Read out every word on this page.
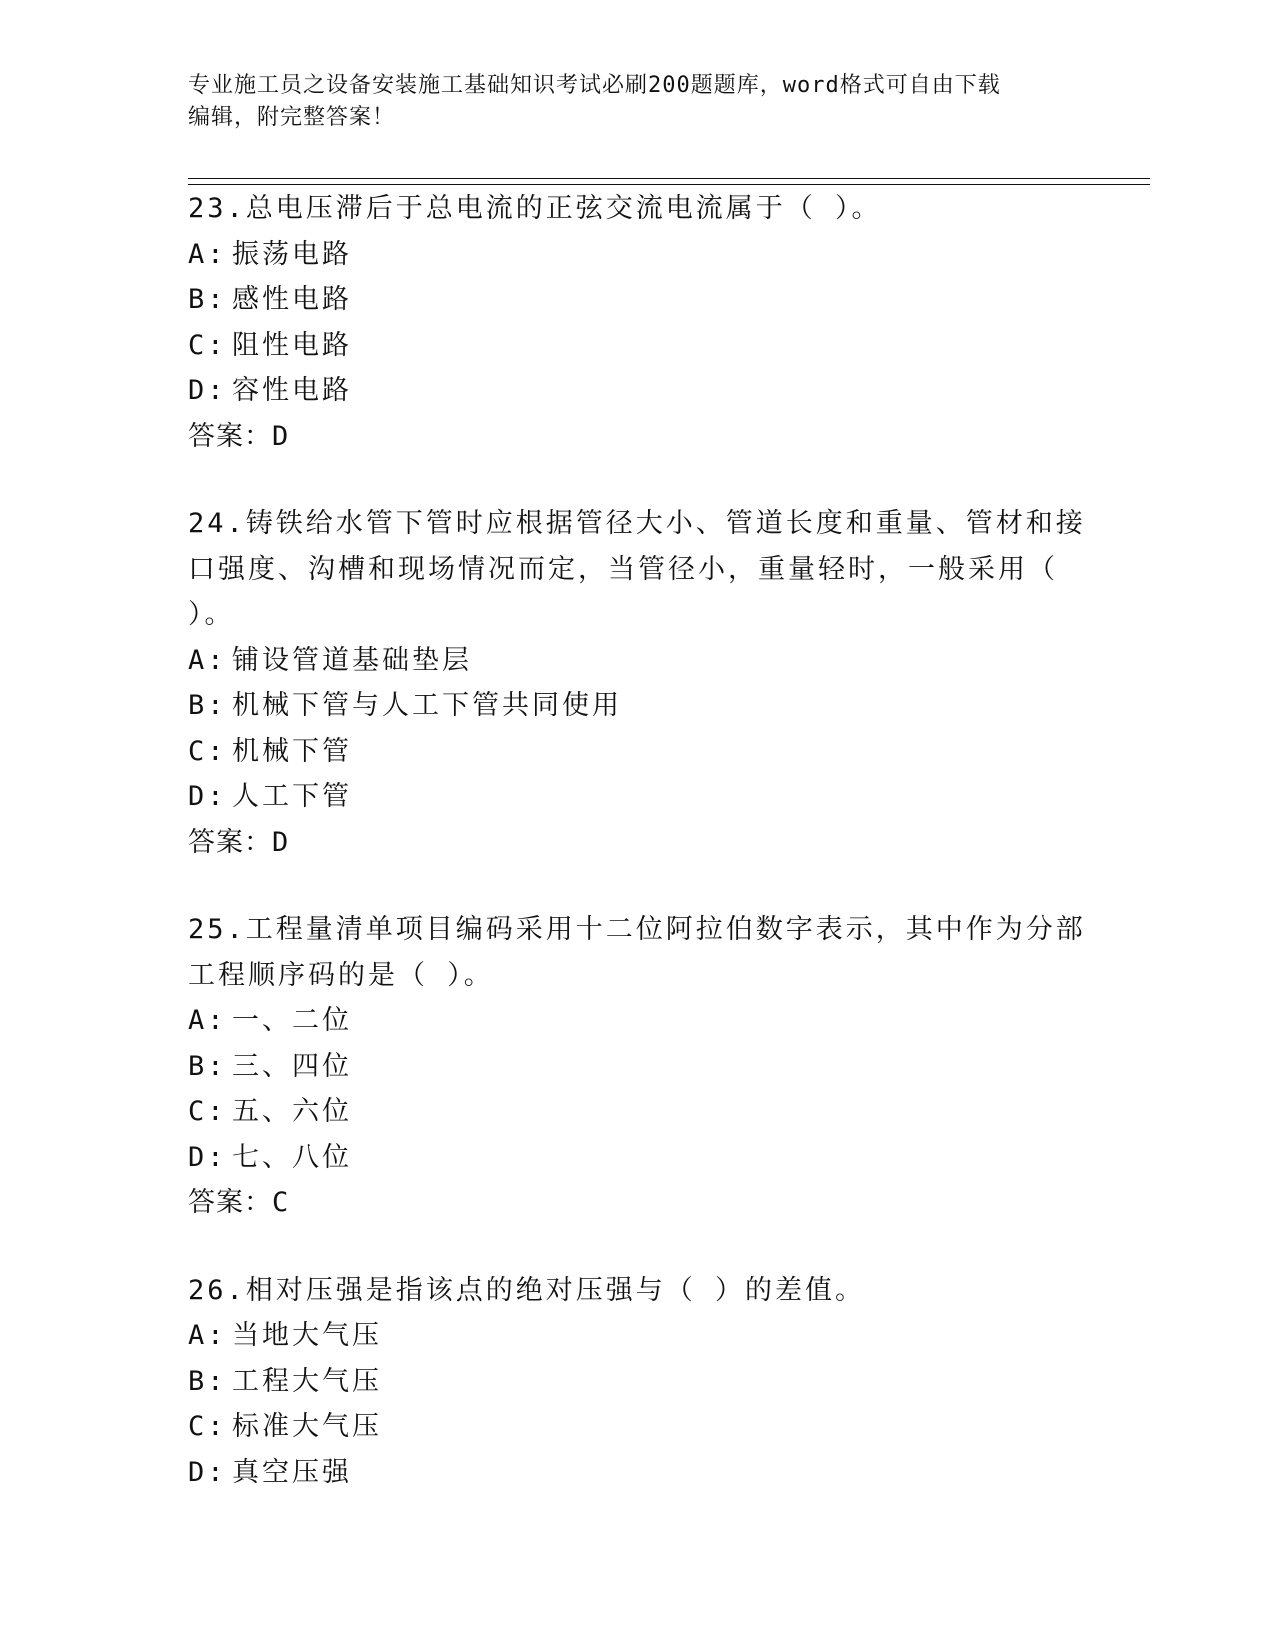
专业施工员之设备安装施工基础知识考试必刷200题题库，word格式可自由下载
编辑，附完整答案！
23.总电压滞后于总电流的正弦交流电流属于（ ）。
A: 振荡电路
B: 感性电路
C: 阻性电路
D: 容性电路
答案：D
24.铸铁给水管下管时应根据管径大小、管道长度和重量、管材和接口强度、沟槽和现场情况而定，当管径小，重量轻时，一般采用（ ）。
A: 铺设管道基础垫层
B: 机械下管与人工下管共同使用
C: 机械下管
D: 人工下管
答案：D
25.工程量清单项目编码采用十二位阿拉伯数字表示，其中作为分部工程顺序码的是（ ）。
A: 一、二位
B: 三、四位
C: 五、六位
D: 七、八位
答案：C
26.相对压强是指该点的绝对压强与（ ）的差值。
A: 当地大气压
B: 工程大气压
C: 标准大气压
D: 真空压强
